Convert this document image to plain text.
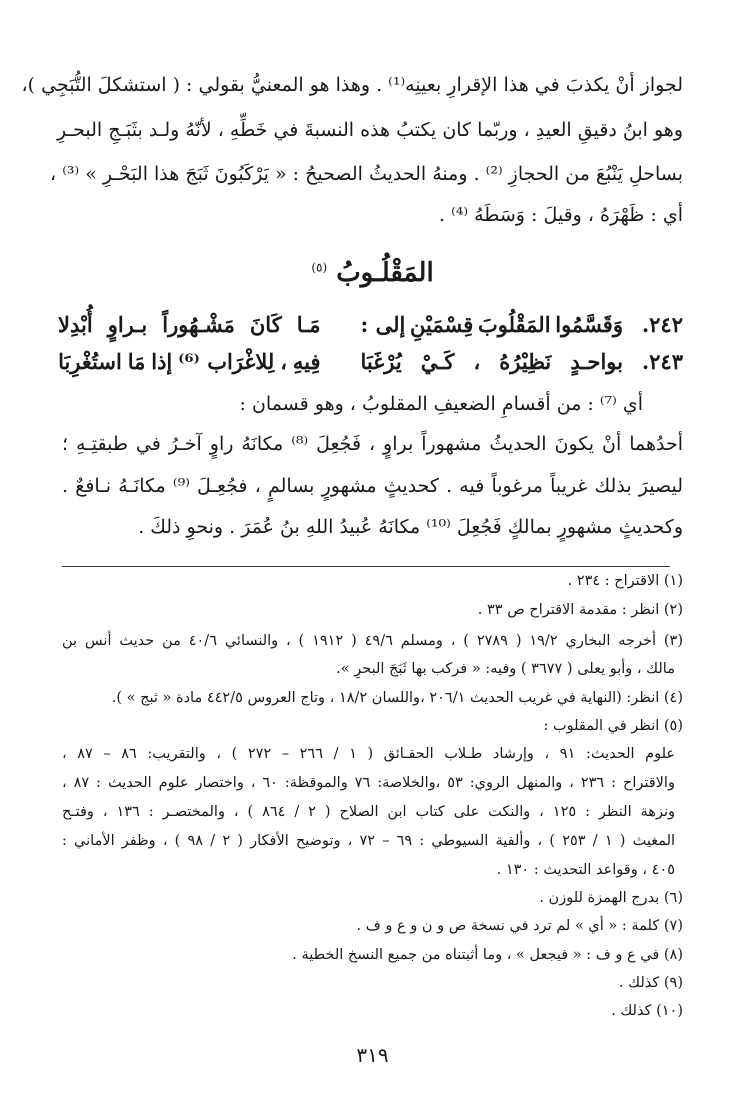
لجواز أنْ يكذبَ في هذا الإقرارِ بعينِه⁽¹⁾ . وهذا هو المعنيُّ بقولي : ( استشكلَ التُّبَجِي )،
وهو ابنُ دقيقِ العيدِ ، وربّما كان يكتبُ هذه النسبةَ في خَطِّهِ ، لأنّهُ ولـد بثَبَـجِ البحـرِ
بساحلِ يَنْبُعَ من الحجازِ ⁽²⁾ . ومنهُ الحديثُ الصحيحُ : « يَرْكَبُونَ ثَبَجَ هذا البَحْـرِ » ⁽³⁾ ،
أي : ظَهْرَهُ ، وقيلَ : وَسَطَهُ ⁽⁴⁾ .
المَقْلُـوبُ $^{(٥)}$
٢٤٢.
وَقَسَّمُوا
المَقْلُوبَ
قِسْمَيْنِ
إلى :
مَـا
كَانَ
مَشْـهُوراً
بـراوٍ
أُبْدِلا
٢٤٣.
بواحـدٍ
نَظِيْرُهُ
،
كَـيْ
يُرْغَبَا
فِيهِ
،
لِلاغْرَاب ⁽⁶⁾
إذا
مَا
استُغْرِبَا
أي ⁽⁷⁾ : من أقسامِ الضعيفِ المقلوبُ ، وهو قسمان :
أحدُهما أنْ يكونَ الحديثُ مشهوراً براوٍ ، فَجُعِلَ ⁽⁸⁾ مكانَهُ راوٍ آخـرُ في طبقتِـهِ ؛
ليصيرَ بذلك غريباً مرغوباً فيه . كحديثٍ مشهورٍ بسالمٍ ، فجُعِـلَ ⁽⁹⁾ مكانَـهُ نـافعٌ .
وكحديثٍ مشهورٍ بمالكٍ فَجُعِلَ ⁽¹⁰⁾ مكانَهُ عُبيدُ اللهِ بنُ عُمَرَ . ونحوِ ذلكَ .
(١) الاقتراح : ٢٣٤ .
(٢) انظر : مقدمة الاقتراح ص ٣٣ .
(٣) أخرجه البخاري ١٩/٢ ( ٢٧٨٩ ) ، ومسلم ٤٩/٦ ( ١٩١٢ ) ، والنسائي ٤٠/٦ من حديث أنس بن
مالك ، وأبو يعلى ( ٣٦٧٧ ) وفيه: « فركب بها ثَبَجَ البحرِ ».
(٤) انظر: (النهاية في غريب الحديث ٢٠٦/١ ،واللسان ١٨/٢ ، وتاج العروس ٤٤٢/٥ مادة « ثبج » ).
(٥) انظر في المقلوب :
علوم الحديث: ٩١ ، وإرشاد طـلاب الحقـائق ( ١ / ٢٦٦ – ٢٧٢ ) ، والتقريب: ٨٦ – ٨٧ ،
والاقتراح : ٢٣٦ ، والمنهل الروي: ٥٣ ،والخلاصة: ٧٦ والموقظة: ٦٠ ، واختصار علوم الحديث : ٨٧ ،
ونزهة النظر : ١٢٥ ، والنكت على كتاب ابن الصلاح ( ٢ / ٨٦٤ ) ، والمختصـر : ١٣٦ ، وفتـح
المغيث ( ١ / ٢٥٣ ) ، وألفية السيوطي : ٦٩ – ٧٢ ، وتوضيح الأفكار ( ٢ / ٩٨ ) ، وظفر الأماني :
٤٠٥ ، وقواعد التحديث : ١٣٠ .
(٦) بدرج الهمزة للوزن .
(٧) كلمة : « أي » لم ترد في نسخة ص و ن و ع و ف .
(٨) في ع و ف : « فيجعل » ، وما أثبتناه من جميع النسخ الخطية .
(٩) كذلك .
(١٠) كذلك .
٣١٩
